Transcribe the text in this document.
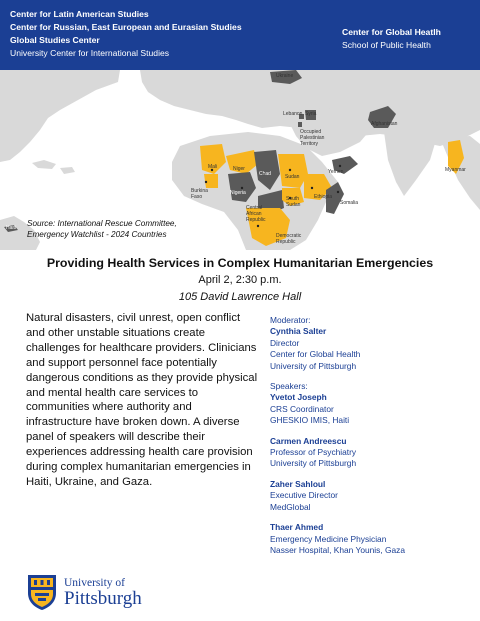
Center for Latin American Studies
Center for Russian, East European and Eurasian Studies
Global Studies Center
University Center for International Studies
Center for Global Heatlh
School of Public Health
Ukraine
Lebanon Syria
Afghanistan
Occupied
Palestinian
Territory
Mali	Niger
Chad	Sudan
Yemen	Myanmar
Burkina
Faso
Nigeria
South
Sudan
Ethiopia
Somalia
Central
African
Republic
Democratic
Republic
Haiti Source: International Rescue Committee,
Emergency Watchlist - 2024 Countries
Providing Health Services in Complex Humanitarian Emergencies
April 2, 2:30 p.m.
105 David Lawrence Hall
Natural disasters, civil unrest, open conflict and other unstable situations create challenges for healthcare providers. Clinicians and support personnel face potentially dangerous conditions as they provide physical and mental health care services to communities where authority and infrastructure have broken down. A diverse panel of speakers will describe their experiences addressing health care provision during complex humanitarian emergencies in Haiti, Ukraine, and Gaza.
Moderator:
Cynthia Salter
Director
Center for Global Health
University of Pittsburgh
Speakers:
Yvetot Joseph
CRS Coordinator
GHESKIO IMIS, Haiti
Carmen Andreescu
Professor of Psychiatry
University of Pittsburgh
Zaher Sahloul
Executive Director
MedGlobal
Thaer Ahmed
Emergency Medicine Physician
Nasser Hospital, Khan Younis, Gaza
University of
Pittsburgh
